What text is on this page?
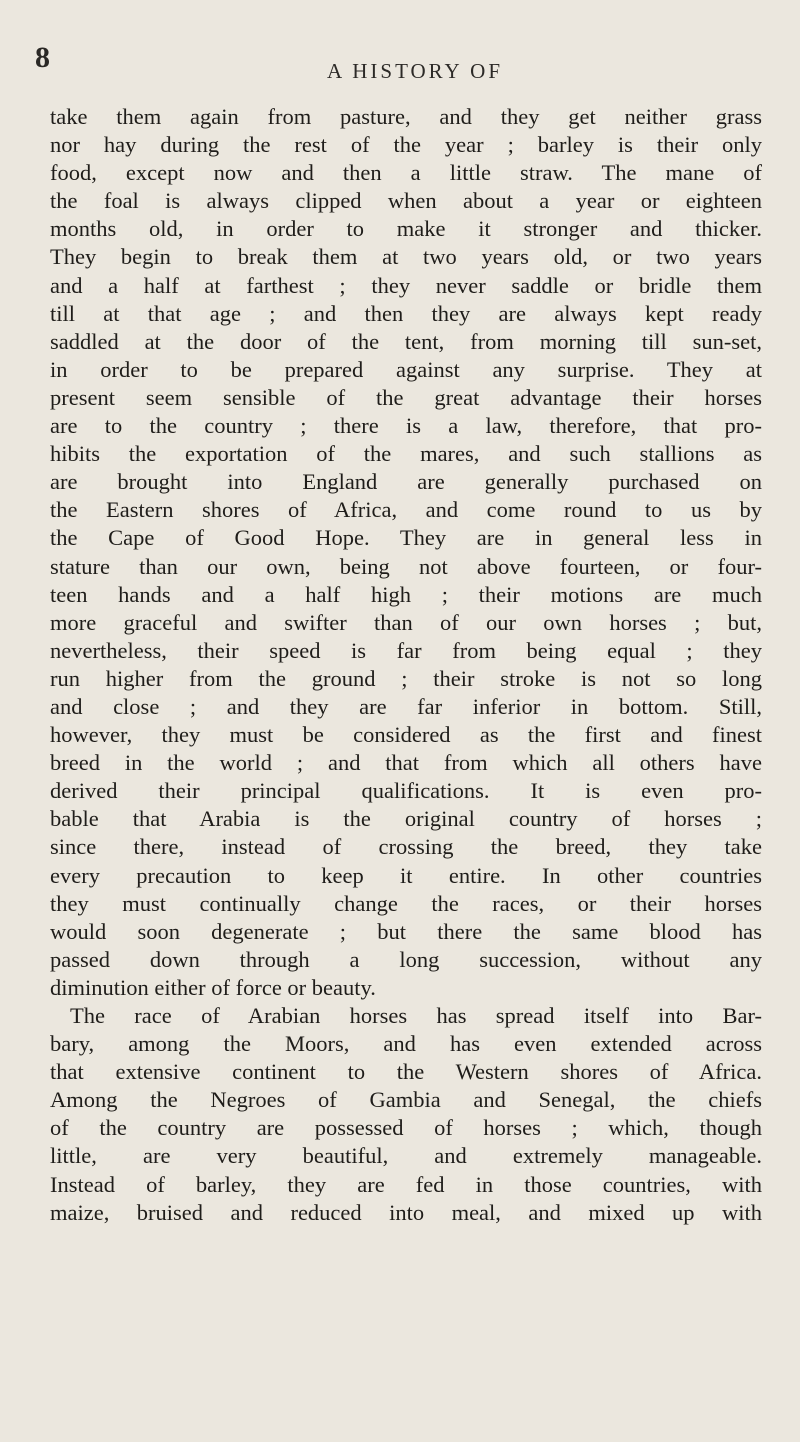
8	A HISTORY OF
take them again from pasture, and they get neither grass
nor hay during the rest of the year ; barley is their only
food, except now and then a little straw. The mane of
the foal is always clipped when about a year or eighteen
months old, in order to make it stronger and thicker.
They begin to break them at two years old, or two years
and a half at farthest ; they never saddle or bridle them
till at that age ; and then they are always kept ready
saddled at the door of the tent, from morning till sun-set,
in order to be prepared against any surprise. They at
present seem sensible of the great advantage their horses
are to the country ; there is a law, therefore, that pro-
hibits the exportation of the mares, and such stallions as
are brought into England are generally purchased on
the Eastern shores of Africa, and come round to us by
the Cape of Good Hope. They are in general less in
stature than our own, being not above fourteen, or four-
teen hands and a half high ; their motions are much
more graceful and swifter than of our own horses ; but,
nevertheless, their speed is far from being equal ; they
run higher from the ground ; their stroke is not so long
and close ; and they are far inferior in bottom. Still,
however, they must be considered as the first and finest
breed in the world ; and that from which all others have
derived their principal qualifications. It is even pro-
bable that Arabia is the original country of horses ;
since there, instead of crossing the breed, they take
every precaution to keep it entire. In other countries
they must continually change the races, or their horses
would soon degenerate ; but there the same blood has
passed down through a long succession, without any
diminution either of force or beauty.
The race of Arabian horses has spread itself into Bar-
bary, among the Moors, and has even extended across
that extensive continent to the Western shores of Africa.
Among the Negroes of Gambia and Senegal, the chiefs
of the country are possessed of horses ; which, though
little, are very beautiful, and extremely manageable.
Instead of barley, they are fed in those countries, with
maize, bruised and reduced into meal, and mixed up with
